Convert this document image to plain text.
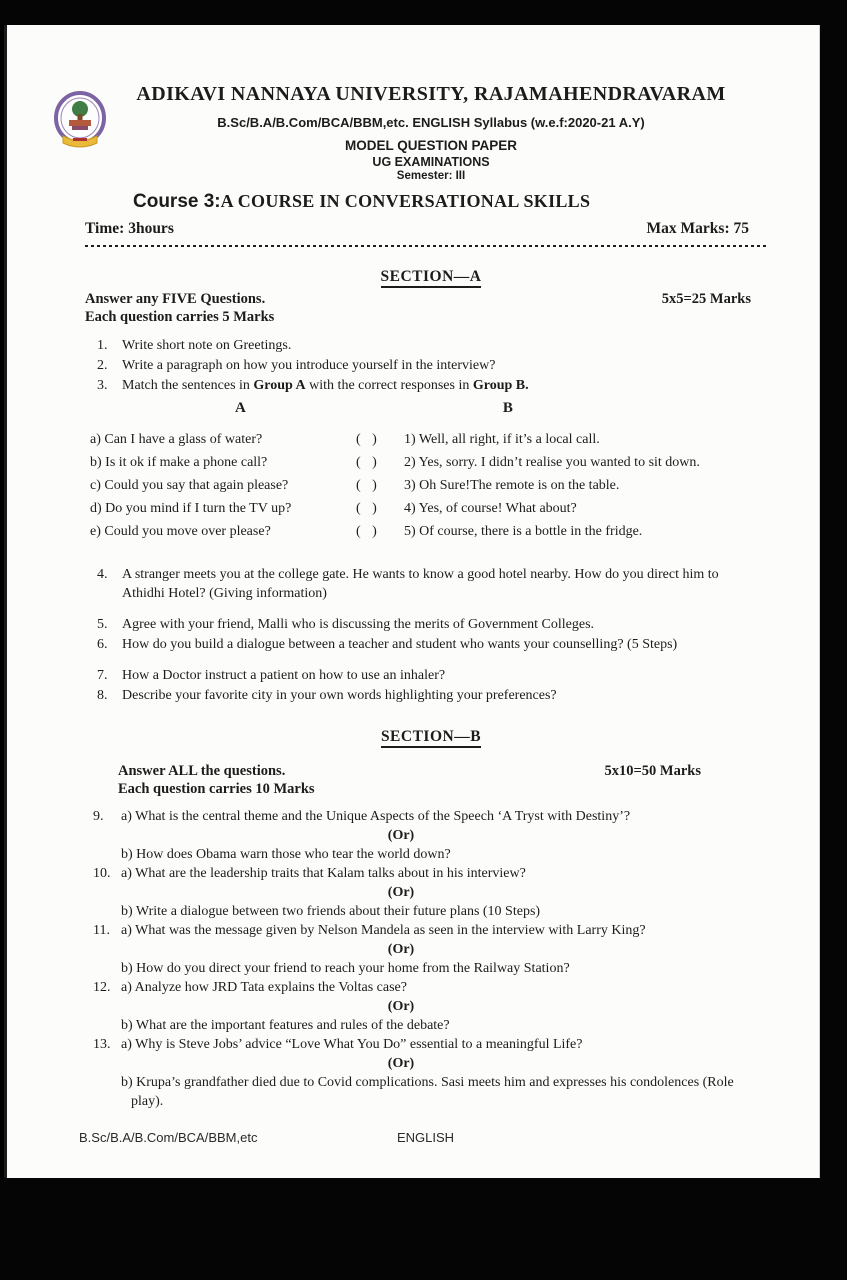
ADIKAVI NANNAYA UNIVERSITY, RAJAMAHENDRAVARAM
B.Sc/B.A/B.Com/BCA/BBM,etc. ENGLISH Syllabus (w.e.f:2020-21 A.Y)
MODEL QUESTION PAPER
UG EXAMINATIONS
Semester: III
Course 3:A COURSE IN CONVERSATIONAL SKILLS
Time: 3hours	Max Marks: 75
SECTION—A
Answer any FIVE Questions.
Each question carries 5 Marks
5x5=25 Marks
1.	Write short note on Greetings.
2.	Write a paragraph on how you introduce yourself in the interview?
3.	Match the sentences in Group A with the correct responses in Group B.
A	B
a) Can I have a glass of water?	( )	1) Well, all right, if it’s a local call.
b) Is it ok if make a phone call?	( )	2) Yes, sorry. I didn’t realise you wanted to sit down.
c) Could you say that again please?	( )	3) Oh Sure!The remote is on the table.
d) Do you mind if I turn the TV up?	( )	4) Yes, of course! What about?
e) Could you move over please?	( )	5) Of course, there is a bottle in the fridge.
4.	A stranger meets you at the college gate. He wants to know a good hotel nearby. How do you direct him to Athidhi Hotel? (Giving information)
5.	Agree with your friend, Malli who is discussing the merits of Government Colleges.
6.	How do you build a dialogue between a teacher and student who wants your counselling? (5 Steps)
7.	How a Doctor instruct a patient on how to use an inhaler?
8.	Describe your favorite city in your own words highlighting your preferences?
SECTION—B
Answer ALL the questions.
Each question carries 10 Marks
5x10=50 Marks
9.	a) What is the central theme and the Unique Aspects of the Speech ‘A Tryst with Destiny’?
(Or)
b) How does Obama warn those who tear the world down?
10. a) What are the leadership traits that Kalam talks about in his interview?
(Or)
b) Write a dialogue between two friends about their future plans (10 Steps)
11. a) What was the message given by Nelson Mandela as seen in the interview with Larry King?
(Or)
b) How do you direct your friend to reach your home from the Railway Station?
12. a) Analyze how JRD Tata explains the Voltas case?
(Or)
b) What are the important features and rules of the debate?
13. a) Why is Steve Jobs’ advice “Love What You Do” essential to a meaningful Life?
(Or)
b) Krupa’s grandfather died due to Covid complications. Sasi meets him and expresses his condolences (Role play).
B.Sc/B.A/B.Com/BCA/BBM,etc	ENGLISH
